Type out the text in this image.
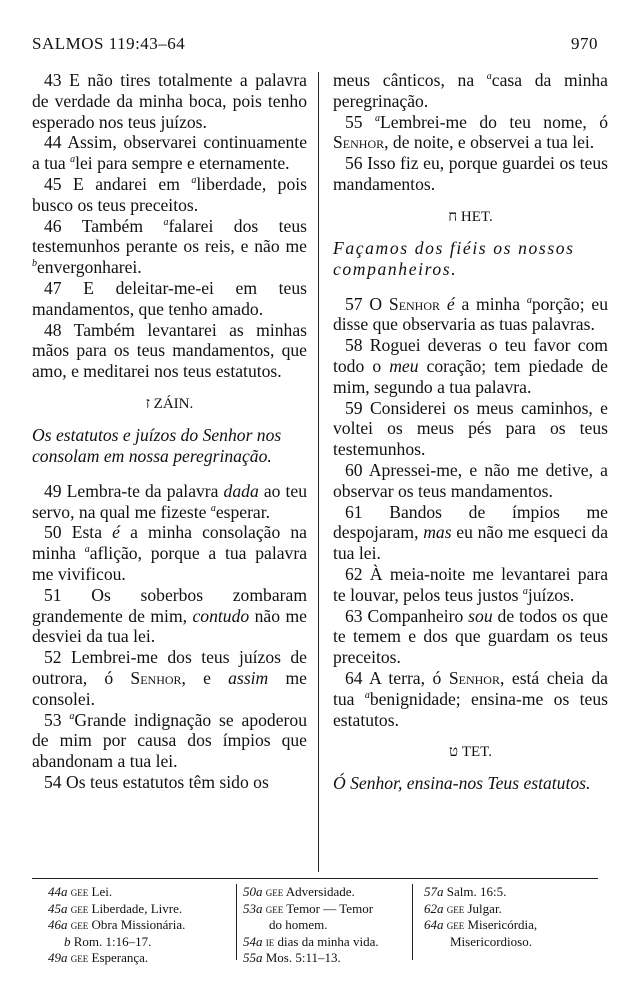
SALMOS 119:43–64	970

43 E não tires totalmente a palavra de verdade da minha boca, pois tenho esperado nos teus juízos.

44 Assim, observarei continuamente a tua $^a$lei para sempre e eternamente.

45 E andarei em $^a$liberdade, pois busco os teus preceitos.

46 Também $^a$falarei dos teus testemunhos perante os reis, e não me $^b$envergonharei.

47 E deleitar-me-ei em teus mandamentos, que tenho amado.

48 Também levantarei as minhas mãos para os teus mandamentos, que amo, e meditarei nos teus estatutos.

ז ZÁIN.

Os estatutos e juízos do Senhor nos consolam em nossa peregrinação.

49 Lembra-te da palavra dada ao teu servo, na qual me fizeste $^a$esperar.

50 Esta é a minha consolação na minha $^a$aflição, porque a tua palavra me vivificou.

51 Os soberbos zombaram grandemente de mim, contudo não me desviei da tua lei.

52 Lembrei-me dos teus juízos de outrora, ó Senhor, e assim me consolei.

53 $^a$Grande indignação se apoderou de mim por causa dos ímpios que abandonam a tua lei.

54 Os teus estatutos têm sido os

meus cânticos, na $^a$casa da minha peregrinação.

55 $^a$Lembrei-me do teu nome, ó Senhor, de noite, e observei a tua lei.

56 Isso fiz eu, porque guardei os teus mandamentos.

ח HET.

Façamos dos fiéis os nossos companheiros.

57 O Senhor é a minha $^a$porção; eu disse que observaria as tuas palavras.

58 Roguei deveras o teu favor com todo o meu coração; tem piedade de mim, segundo a tua palavra.

59 Considerei os meus caminhos, e voltei os meus pés para os teus testemunhos.

60 Apressei-me, e não me detive, a observar os teus mandamentos.

61 Bandos de ímpios me despojaram, mas eu não me esqueci da tua lei.

62 À meia-noite me levantarei para te louvar, pelos teus justos $^a$juízos.

63 Companheiro sou de todos os que te temem e dos que guardam os teus preceitos.

64 A terra, ó Senhor, está cheia da tua $^a$benignidade; ensina-me os teus estatutos.

ט TET.

Ó Senhor, ensina-nos Teus estatutos.

44a gee Lei.
45a gee Liberdade, Livre.
46a gee Obra Missionária.
b Rom. 1:16–17.
49a gee Esperança.
50a gee Adversidade.
53a gee Temor — Temor
do homem.
54a ie dias da minha vida.
55a Mos. 5:11–13.
57a Salm. 16:5.
62a gee Julgar.
64a gee Misericórdia,
Misericordioso.
